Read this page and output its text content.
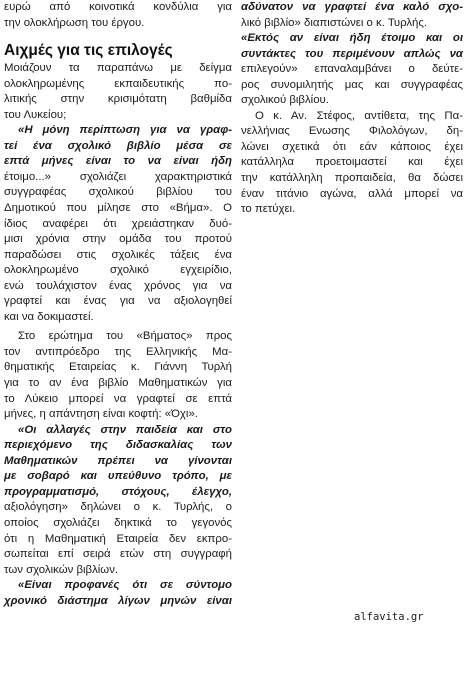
ευρώ από κοινοτικά κονδύλια για
την ολοκλήρωση του έργου.
Αιχμές για τις επιλογές
Μοιάζουν τα παραπάνω με δείγμα
ολοκληρωμένης εκπαιδευτικής πο-
λιτικής στην κρισιμότατη βαθμίδα
του Λυκείου;
«Η μόνη περίπτωση για να γραφ-
τεί ένα σχολικό βιβλίο μέσα σε
επτά μήνες είναι το να είναι ήδη
έτοιμο...» σχολιάζει χαρακτηριστικά
συγγραφέας σχολικού βιβλίου του
Δημοτικού που μίλησε στο «Βήμα». Ο
ίδιος αναφέρει ότι χρειάστηκαν δυό-
μισι χρόνια στην ομάδα του προτού
παραδώσει στις σχολικές τάξεις ένα
ολοκληρωμένο σχολικό εγχειρίδιο,
ενώ τουλάχιστον ένας χρόνος για να
γραφτεί και ένας για να αξιολογηθεί
και να δοκιμαστεί.
Στο ερώτημα του «Βήματος» προς
τον αντιπρόεδρο της Ελληνικής Μα-
θηματικής Εταιρείας κ. Γιάννη Τυρλή
για το αν ένα βιβλίο Μαθηματικών για
το Λύκειο μπορεί να γραφτεί σε επτά
μήνες, η απάντηση είναι κοφτή: «Όχι».
«Οι αλλαγές στην παιδεία και στο
περιεχόμενο της διδασκαλίας των
Μαθηματικών πρέπει να γίνονται
με σοβαρό και υπεύθυνο τρόπο, με
προγραμματισμό, στόχους, έλεγχο,
αξιολόγηση» δηλώνει ο κ. Τυρλής, ο
οποίος σχολιάζει δηκτικά το γεγονός
ότι η Μαθηματική Εταιρεία δεν εκπρο-
σωπείται επί σειρά ετών στη συγγραφή
των σχολικών βιβλίων.
«Είναι προφανές ότι σε σύντομο
χρονικό διάστημα λίγων μηνών είναι
αδύνατον να γραφτεί ένα καλό σχο-
λικό βιβλίο» διαπιστώνει ο κ. Τυρλής.
«Εκτός αν είναι ήδη έτοιμο και οι
συντάκτες του περιμένουν απλώς να
επιλεγούν» επαναλαμβάνει ο δεύτε-
ρος συνομιλητής μας και συγγραφέας
σχολικού βιβλίου.
Ο κ. Αν. Στέφος, αντίθετα, της Πα-
νελλήνιας Ενωσης Φιλολόγων, δη-
λώνει σχετικά ότι εάν κάποιος έχει
κατάλληλα προετοιμαστεί και έχει
την κατάλληλη προπαιδεία, θα δώσει
έναν τιτάνιο αγώνα, αλλά μπορεί να
το πετύχει.
alfavita.gr
